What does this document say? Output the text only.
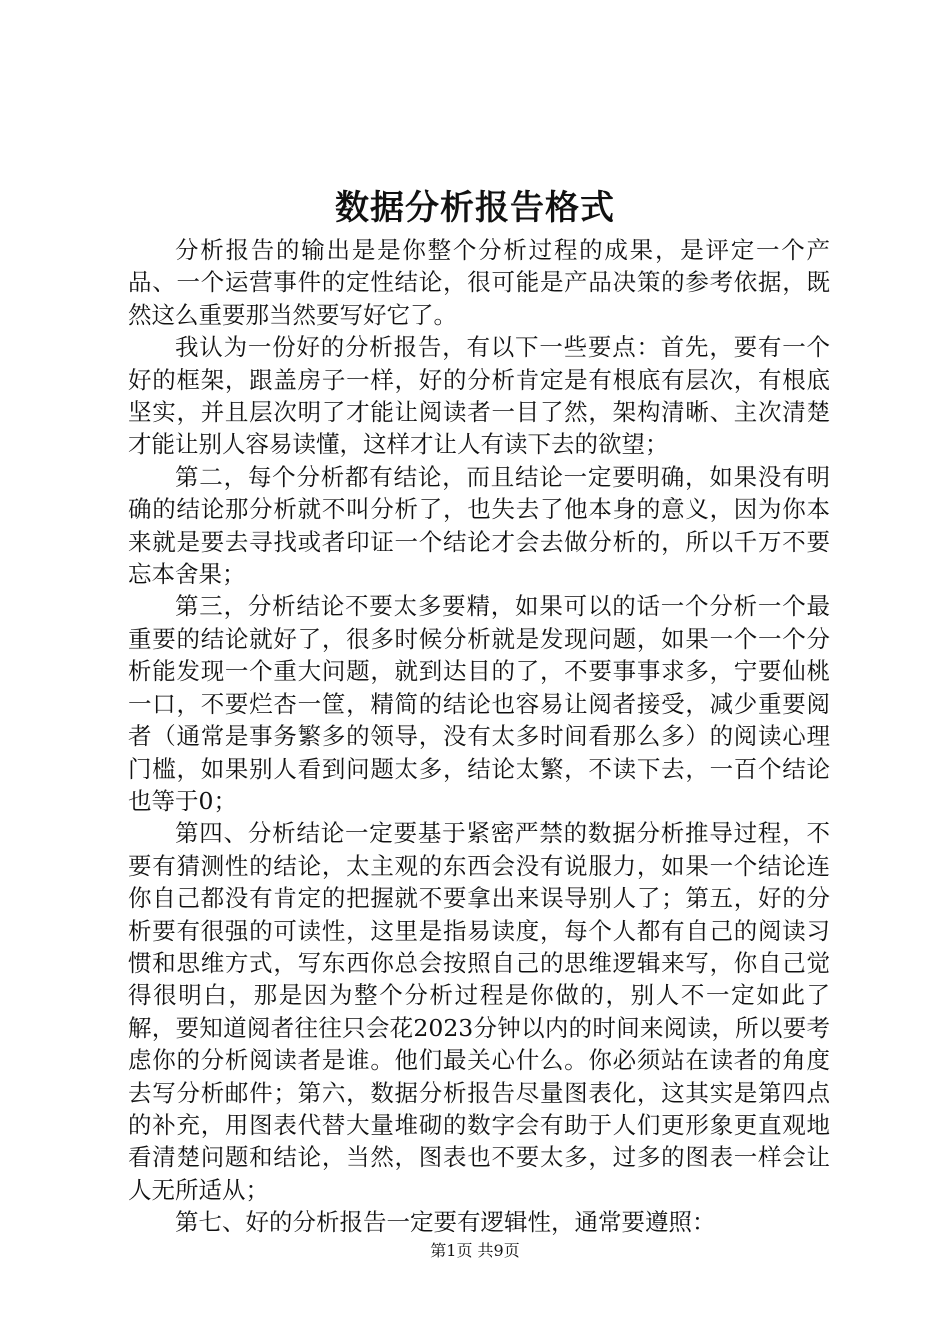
数据分析报告格式

分析报告的输出是是你整个分析过程的成果，是评定一个产品、一个运营事件的定性结论，很可能是产品决策的参考依据，既然这么重要那当然要写好它了。

我认为一份好的分析报告，有以下一些要点：首先，要有一个好的框架，跟盖房子一样，好的分析肯定是有根底有层次，有根底坚实，并且层次明了才能让阅读者一目了然，架构清晰、主次清楚才能让别人容易读懂，这样才让人有读下去的欲望；

第二，每个分析都有结论，而且结论一定要明确，如果没有明确的结论那分析就不叫分析了，也失去了他本身的意义，因为你本来就是要去寻找或者印证一个结论才会去做分析的，所以千万不要忘本舍果；

第三，分析结论不要太多要精，如果可以的话一个分析一个最重要的结论就好了，很多时候分析就是发现问题，如果一个一个分析能发现一个重大问题，就到达目的了，不要事事求多，宁要仙桃一口，不要烂杏一筐，精简的结论也容易让阅者接受，减少重要阅者（通常是事务繁多的领导，没有太多时间看那么多）的阅读心理门槛，如果别人看到问题太多，结论太繁，不读下去，一百个结论也等于0；

第四、分析结论一定要基于紧密严禁的数据分析推导过程，不要有猜测性的结论，太主观的东西会没有说服力，如果一个结论连你自己都没有肯定的把握就不要拿出来误导别人了；第五，好的分析要有很强的可读性，这里是指易读度，每个人都有自己的阅读习惯和思维方式，写东西你总会按照自己的思维逻辑来写，你自己觉得很明白，那是因为整个分析过程是你做的，别人不一定如此了解，要知道阅者往往只会花2023分钟以内的时间来阅读，所以要考虑你的分析阅读者是谁。他们最关心什么。你必须站在读者的角度去写分析邮件；第六，数据分析报告尽量图表化，这其实是第四点的补充，用图表代替大量堆砌的数字会有助于人们更形象更直观地看清楚问题和结论，当然，图表也不要太多，过多的图表一样会让人无所适从；

第七、好的分析报告一定要有逻辑性，通常要遵照：

第1页 共9页
